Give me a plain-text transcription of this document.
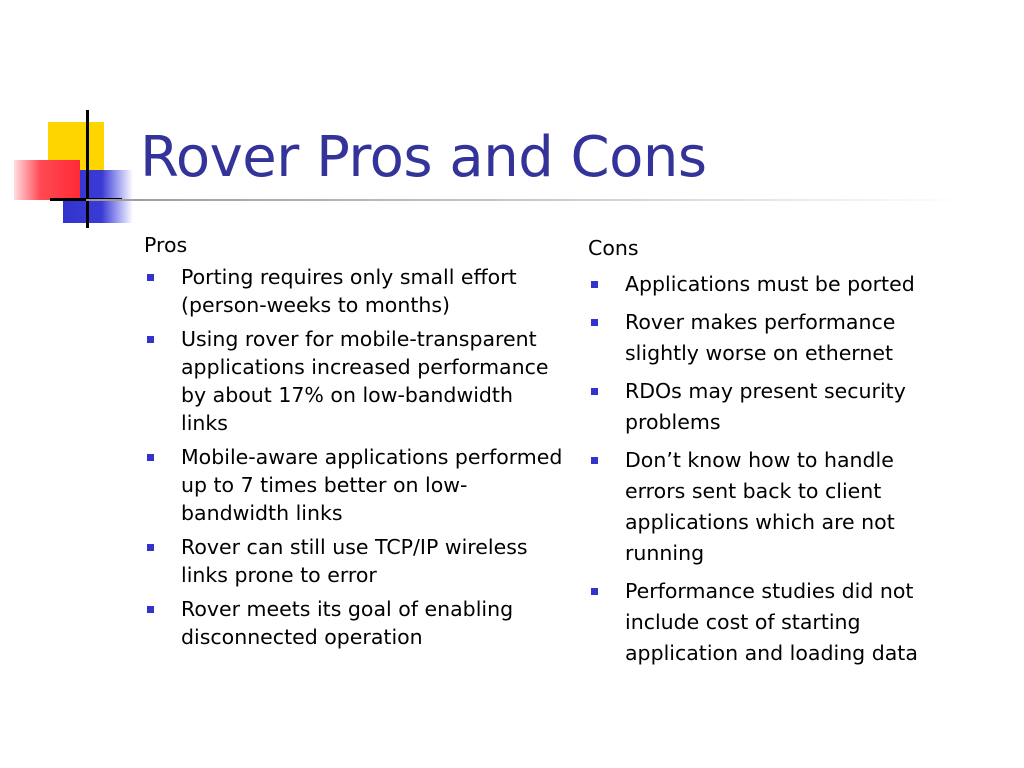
Rover Pros and Cons
Pros
Porting requires only small effort (person-weeks to months)
Using rover for mobile-transparent applications increased performance by about 17% on low-bandwidth links
Mobile-aware applications performed up to 7 times better on low-bandwidth links
Rover can still use TCP/IP wireless links prone to error
Rover meets its goal of enabling disconnected operation
Cons
Applications must be ported
Rover makes performance slightly worse on ethernet
RDOs may present security problems
Don’t know how to handle errors sent back to client applications which are not running
Performance studies did not include cost of starting application and loading data
